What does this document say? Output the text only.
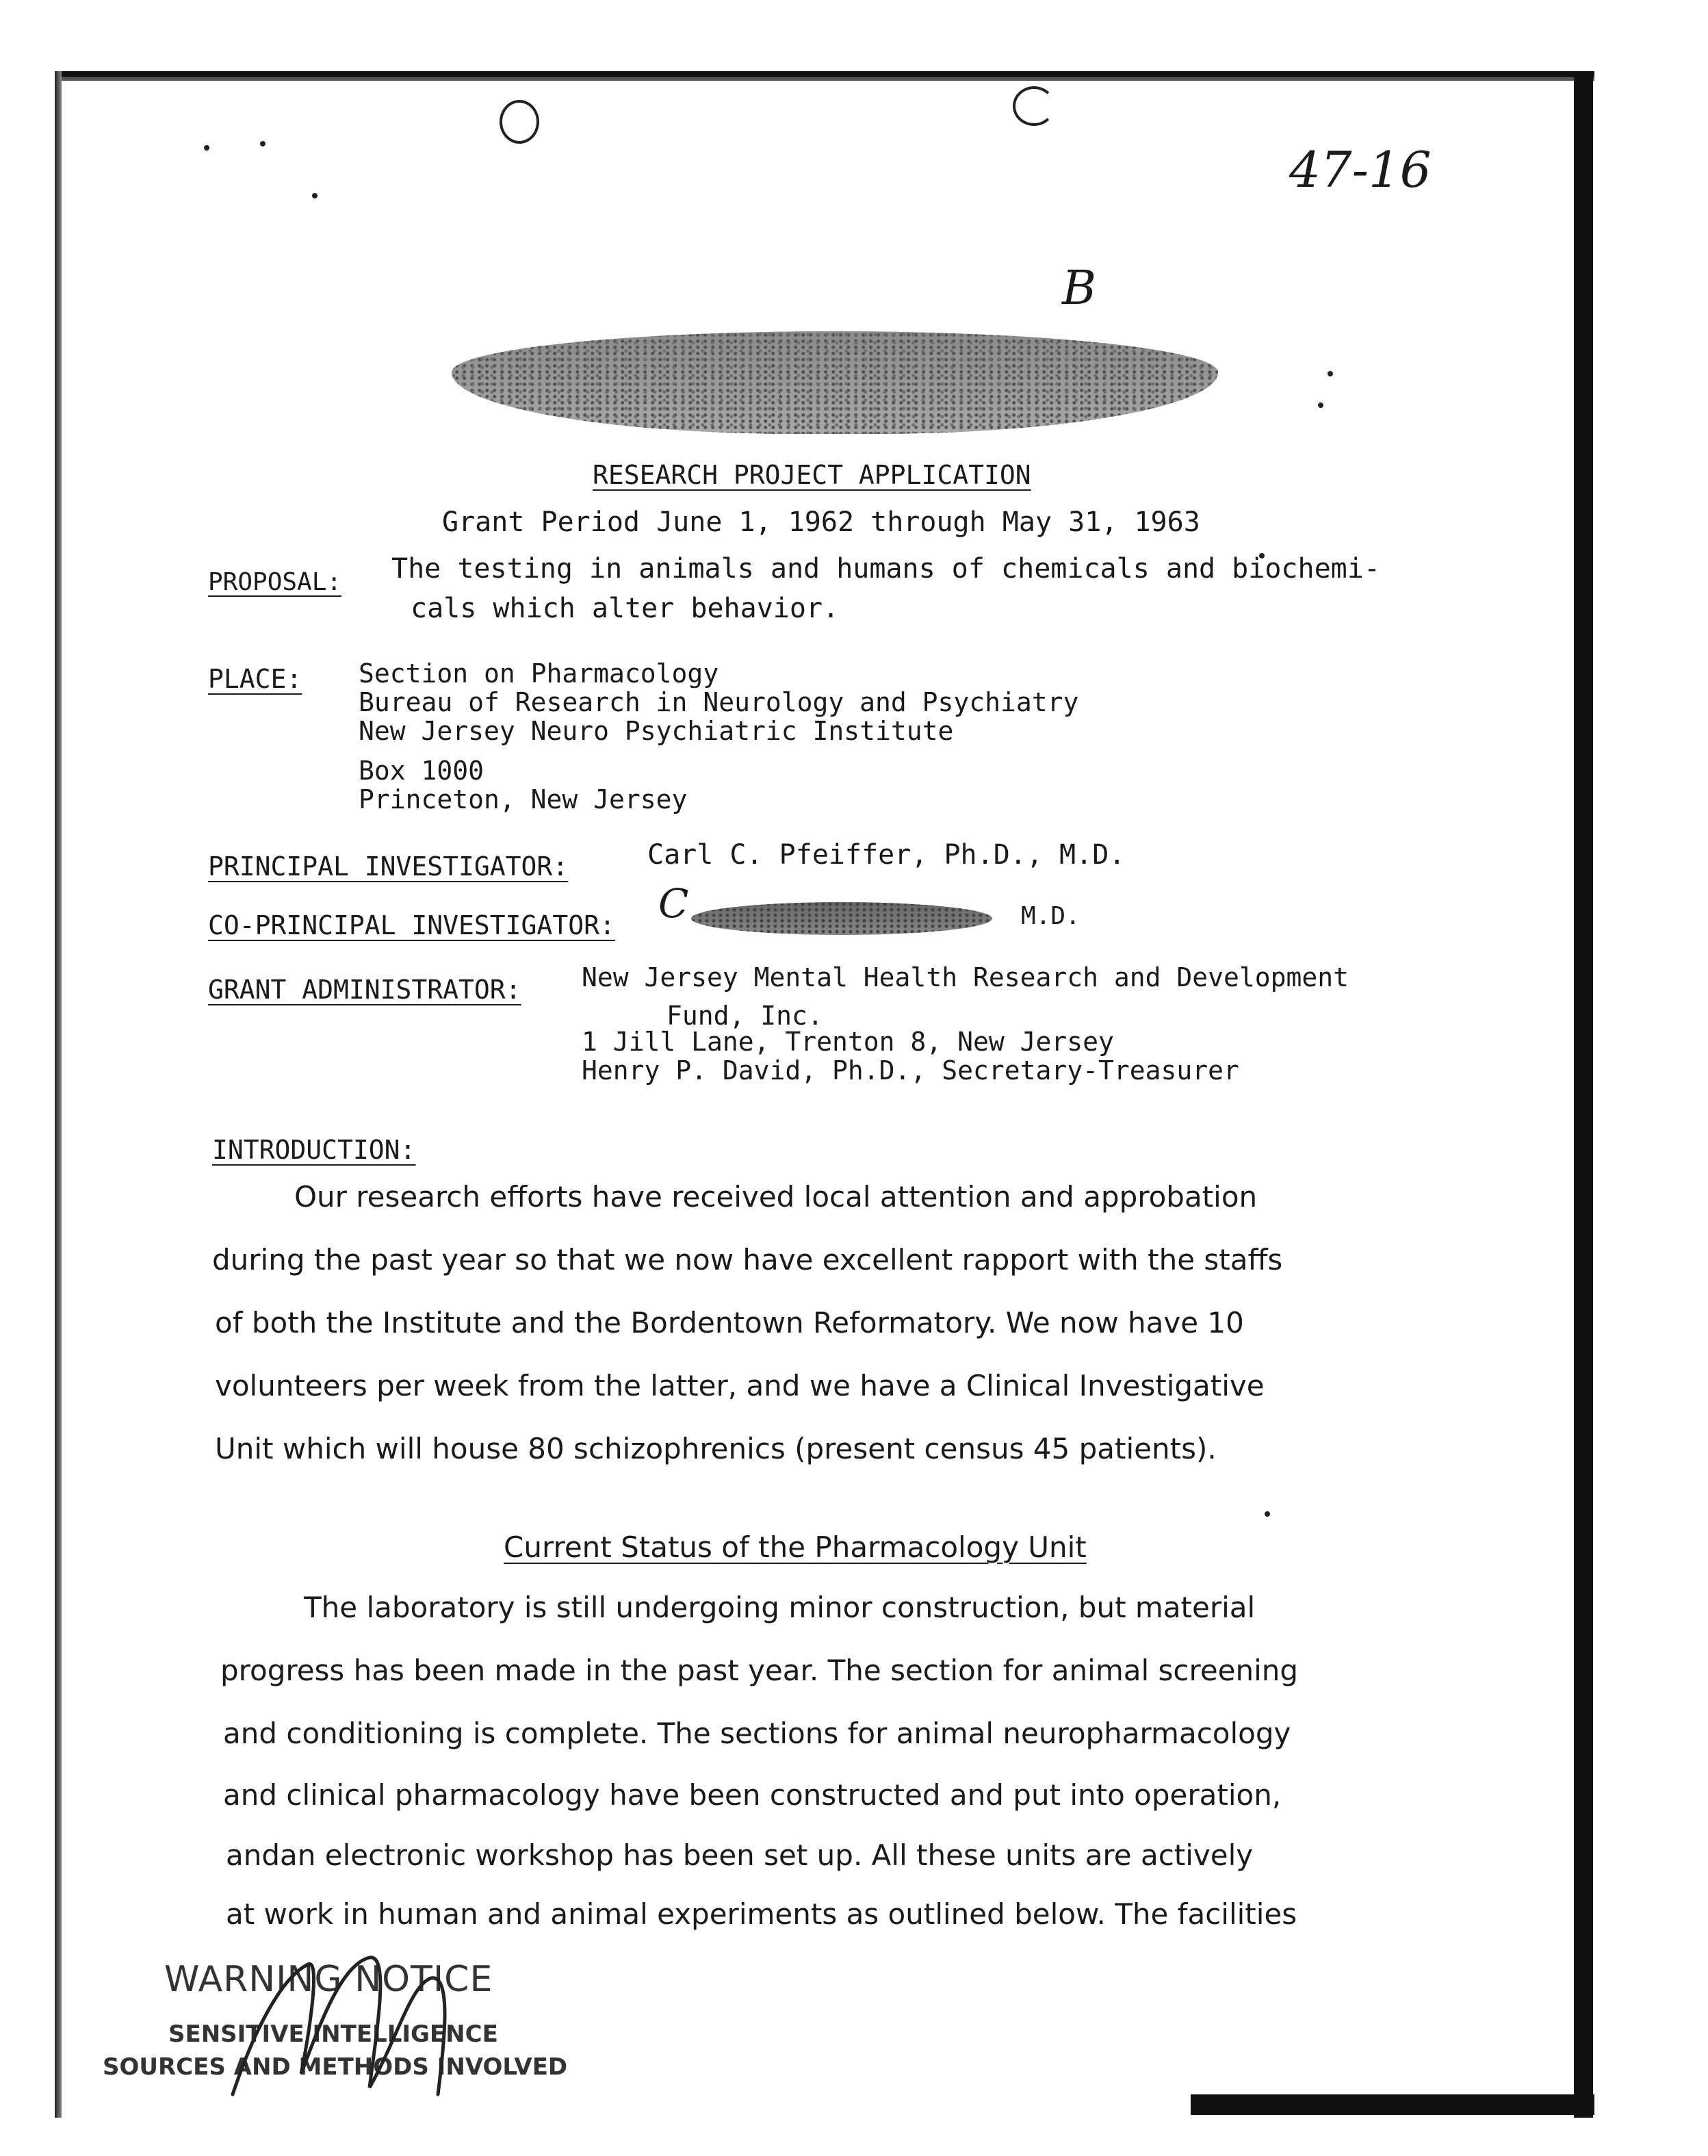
47-16
B
RESEARCH PROJECT APPLICATION
Grant Period June 1, 1962 through May 31, 1963
PROPOSAL: The testing in animals and humans of chemicals and biochemi-
cals which alter behavior.
PLACE: Section on Pharmacology
Bureau of Research in Neurology and Psychiatry
New Jersey Neuro Psychiatric Institute
Box 1000
Princeton, New Jersey
PRINCIPAL INVESTIGATOR:	Carl C. Pfeiffer, Ph.D., M.D.
CO-PRINCIPAL INVESTIGATOR: C	M.D.
GRANT ADMINISTRATOR: New Jersey Mental Health Research and Development
Fund, Inc.
1 Jill Lane, Trenton 8, New Jersey
Henry P. David, Ph.D., Secretary-Treasurer
INTRODUCTION:
Our research efforts have received local attention and approbation
during the past year so that we now have excellent rapport with the staffs
of both the Institute and the Bordentown Reformatory. We now have 10
volunteers per week from the latter, and we have a Clinical Investigative
Unit which will house 80 schizophrenics (present census 45 patients).
Current Status of the Pharmacology Unit
The laboratory is still undergoing minor construction, but material
progress has been made in the past year. The section for animal screening
and conditioning is complete. The sections for animal neuropharmacology
and clinical pharmacology have been constructed and put into operation,
andan electronic workshop has been set up. All these units are actively
at work in human and animal experiments as outlined below. The facilities
WARNING NOTICE
SENSITIVE INTELLIGENCE
SOURCES AND METHODS INVOLVED
